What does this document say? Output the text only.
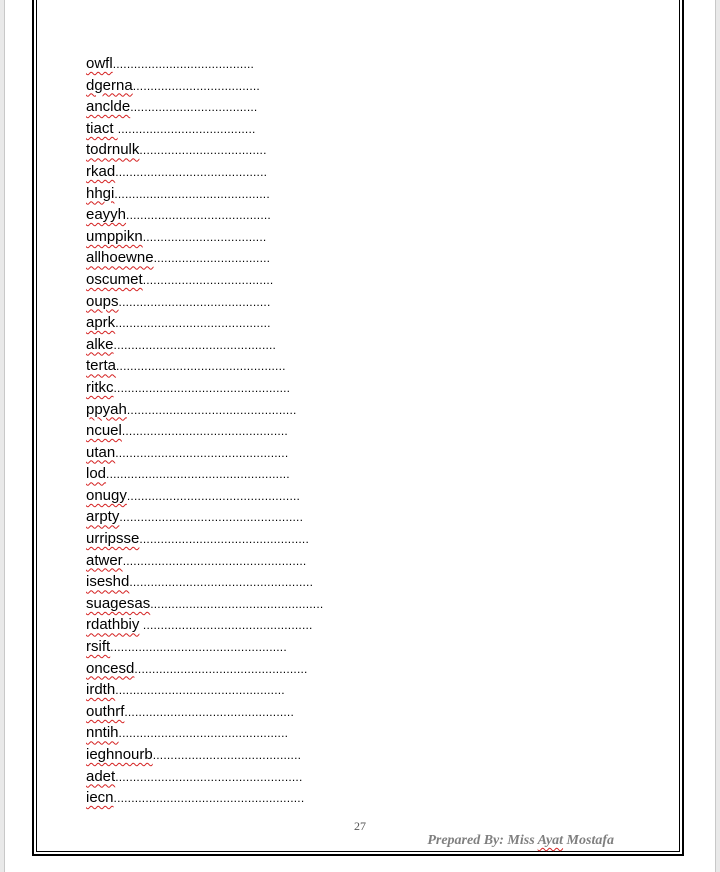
owfl........................................
dgerna....................................
anclde....................................
tiact .......................................
todrnulk....................................
rkad...........................................
hhgi............................................
eayyh.........................................
umppikn...................................
allhoewne.................................
oscumet.....................................
oups...........................................
aprk............................................
alke..............................................
terta................................................
ritkc..................................................
ppyah................................................
ncuel...............................................
utan.................................................
lod....................................................
onugy.................................................
arpty....................................................
urripsse................................................
atwer....................................................
iseshd....................................................
suagesas.................................................
rdathbiy ................................................
rsift..................................................
oncesd.................................................
irdth................................................
outhrf................................................
nntih................................................
ieghnourb..........................................
adet.....................................................
iecn......................................................
27
Prepared By: Miss Ayat Mostafa
